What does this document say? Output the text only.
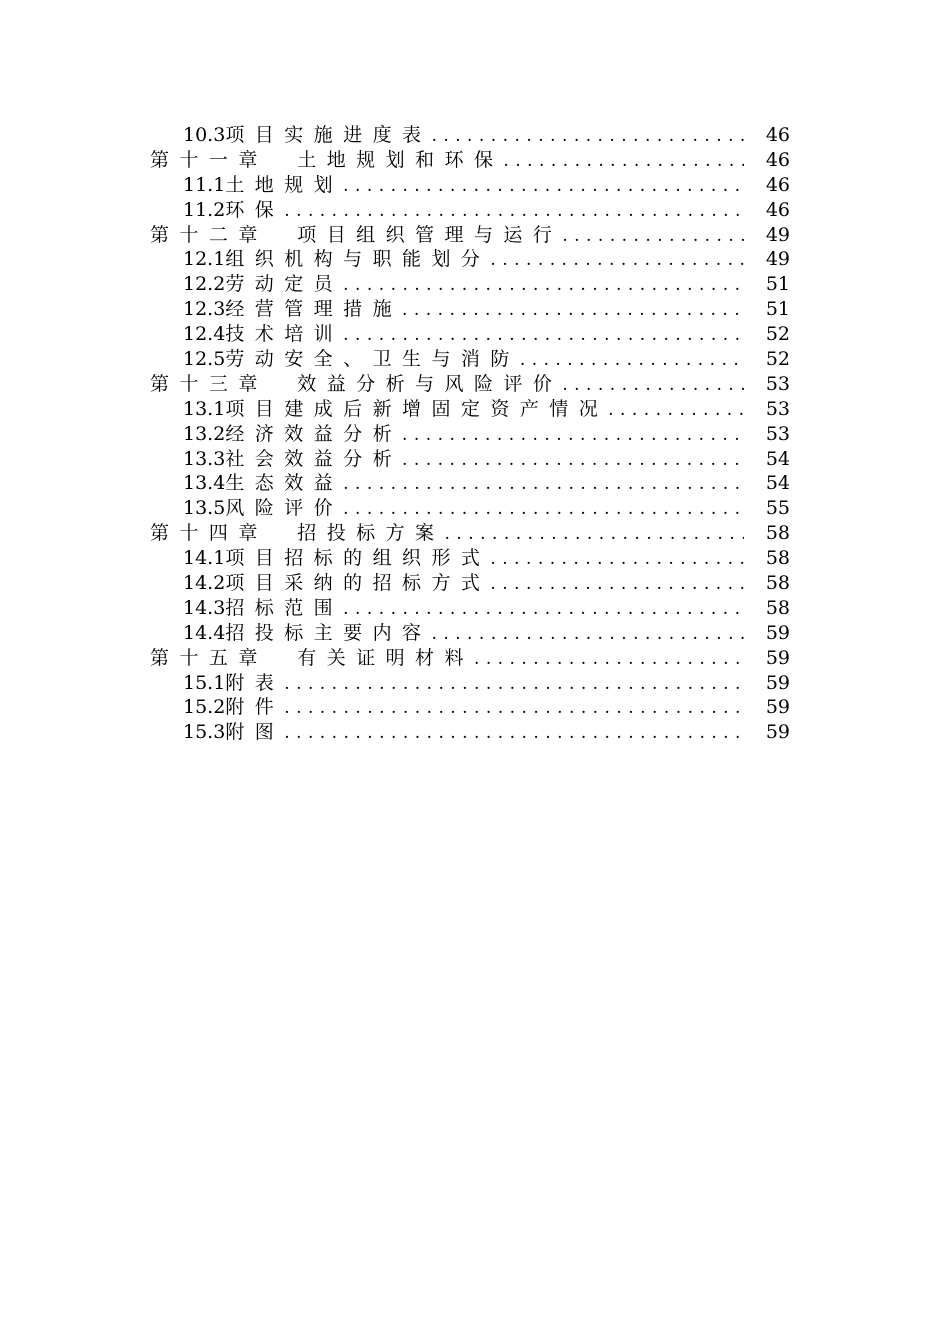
10.3 项目实施进度表 .....	46
第十一章　土地规划和环保 .....	46
11.1 土地规划 .....	46
11.2 环保 .....	46
第十二章　项目组织管理与运行 .....	49
12.1 组织机构与职能划分 .....	49
12.2 劳动定员 .....	51
12.3 经营管理措施 .....	51
12.4 技术培训 .....	52
12.5 劳动安全、卫生与消防 .....	52
第十三章　效益分析与风险评价 .....	53
13.1 项目建成后新增固定资产情况 .....	53
13.2 经济效益分析 .....	53
13.3 社会效益分析 .....	54
13.4 生态效益 .....	54
13.5 风险评价 .....	55
第十四章　招投标方案 .....	58
14.1 项目招标的组织形式 .....	58
14.2 项目采纳的招标方式 .....	58
14.3 招标范围 .....	58
14.4 招投标主要内容 .....	59
第十五章　有关证明材料 .....	59
15.1 附表 .....	59
15.2 附件 .....	59
15.3 附图 .....	59
